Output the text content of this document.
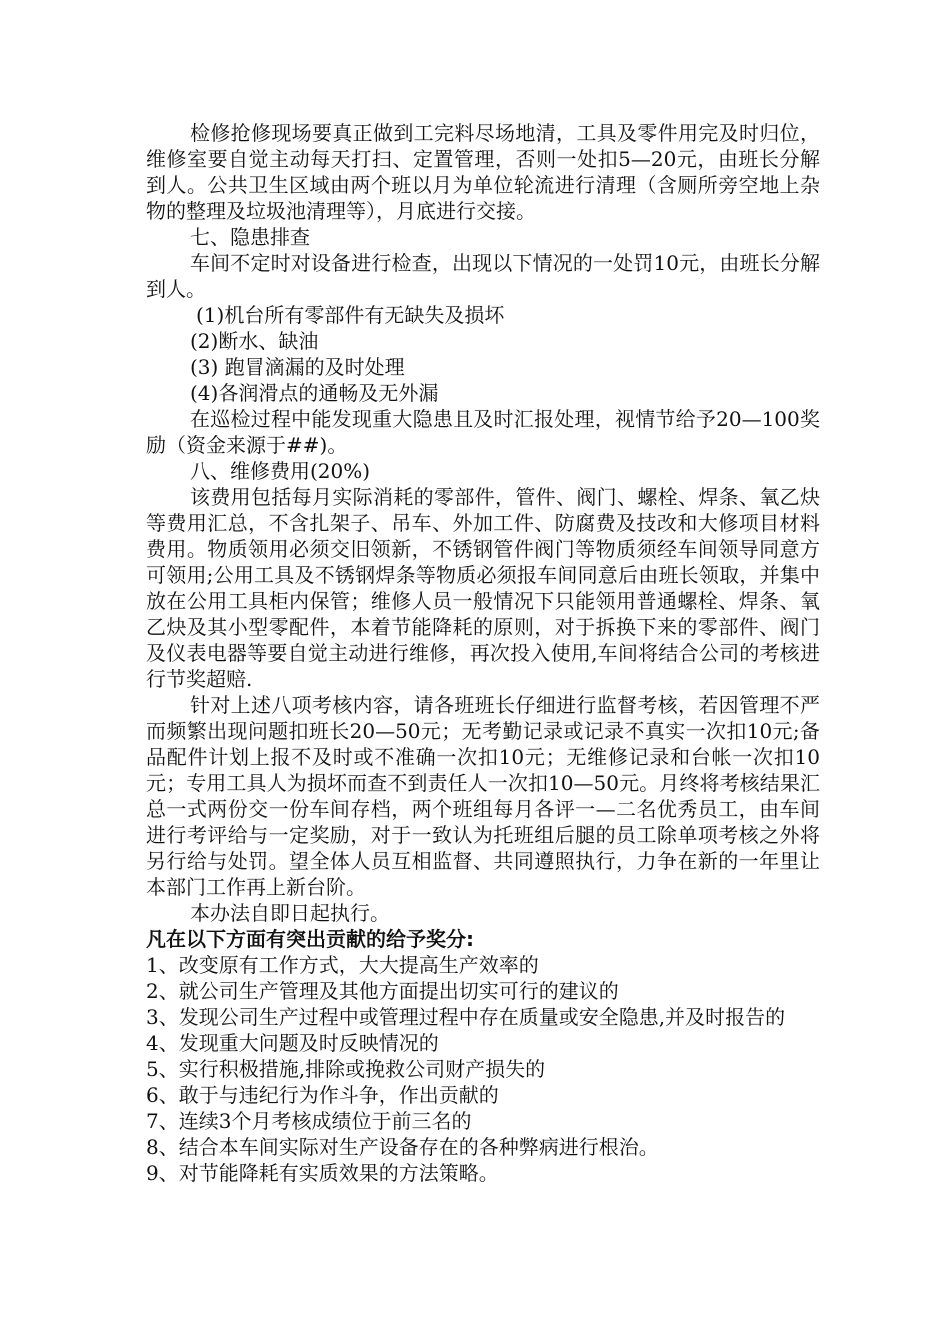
检修抢修现场要真正做到工完料尽场地清，工具及零件用完及时归位，维修室要自觉主动每天打扫、定置管理，否则一处扣5—20元，由班长分解到人。公共卫生区域由两个班以月为单位轮流进行清理（含厕所旁空地上杂物的整理及垃圾池清理等），月底进行交接。

七、隐患排查

车间不定时对设备进行检查，出现以下情况的一处罚10元，由班长分解到人。

(1)机台所有零部件有无缺失及损坏

(2)断水、缺油

(3) 跑冒滴漏的及时处理

(4)各润滑点的通畅及无外漏

在巡检过程中能发现重大隐患且及时汇报处理，视情节给予20—100奖励（资金来源于##)。

八、维修费用(20%)

该费用包括每月实际消耗的零部件，管件、阀门、螺栓、焊条、氧乙炔等费用汇总，不含扎架子、吊车、外加工件、防腐费及技改和大修项目材料费用。物质领用必须交旧领新，不锈钢管件阀门等物质须经车间领导同意方可领用;公用工具及不锈钢焊条等物质必须报车间同意后由班长领取，并集中放在公用工具柜内保管；维修人员一般情况下只能领用普通螺栓、焊条、氧乙炔及其小型零配件，本着节能降耗的原则，对于拆换下来的零部件、阀门及仪表电器等要自觉主动进行维修，再次投入使用,车间将结合公司的考核进行节奖超赔.

针对上述八项考核内容，请各班班长仔细进行监督考核，若因管理不严而频繁出现问题扣班长20—50元；无考勤记录或记录不真实一次扣10元;备品配件计划上报不及时或不准确一次扣10元；无维修记录和台帐一次扣10元；专用工具人为损坏而查不到责任人一次扣10—50元。月终将考核结果汇总一式两份交一份车间存档，两个班组每月各评一—二名优秀员工，由车间进行考评给与一定奖励，对于一致认为托班组后腿的员工除单项考核之外将另行给与处罚。望全体人员互相监督、共同遵照执行，力争在新的一年里让本部门工作再上新台阶。

本办法自即日起执行。

凡在以下方面有突出贡献的给予奖分:

1、改变原有工作方式，大大提高生产效率的

2、就公司生产管理及其他方面提出切实可行的建议的

3、发现公司生产过程中或管理过程中存在质量或安全隐患,并及时报告的

4、发现重大问题及时反映情况的

5、实行积极措施,排除或挽救公司财产损失的

6、敢于与违纪行为作斗争，作出贡献的

7、连续3个月考核成绩位于前三名的

8、结合本车间实际对生产设备存在的各种弊病进行根治。

9、对节能降耗有实质效果的方法策略。
